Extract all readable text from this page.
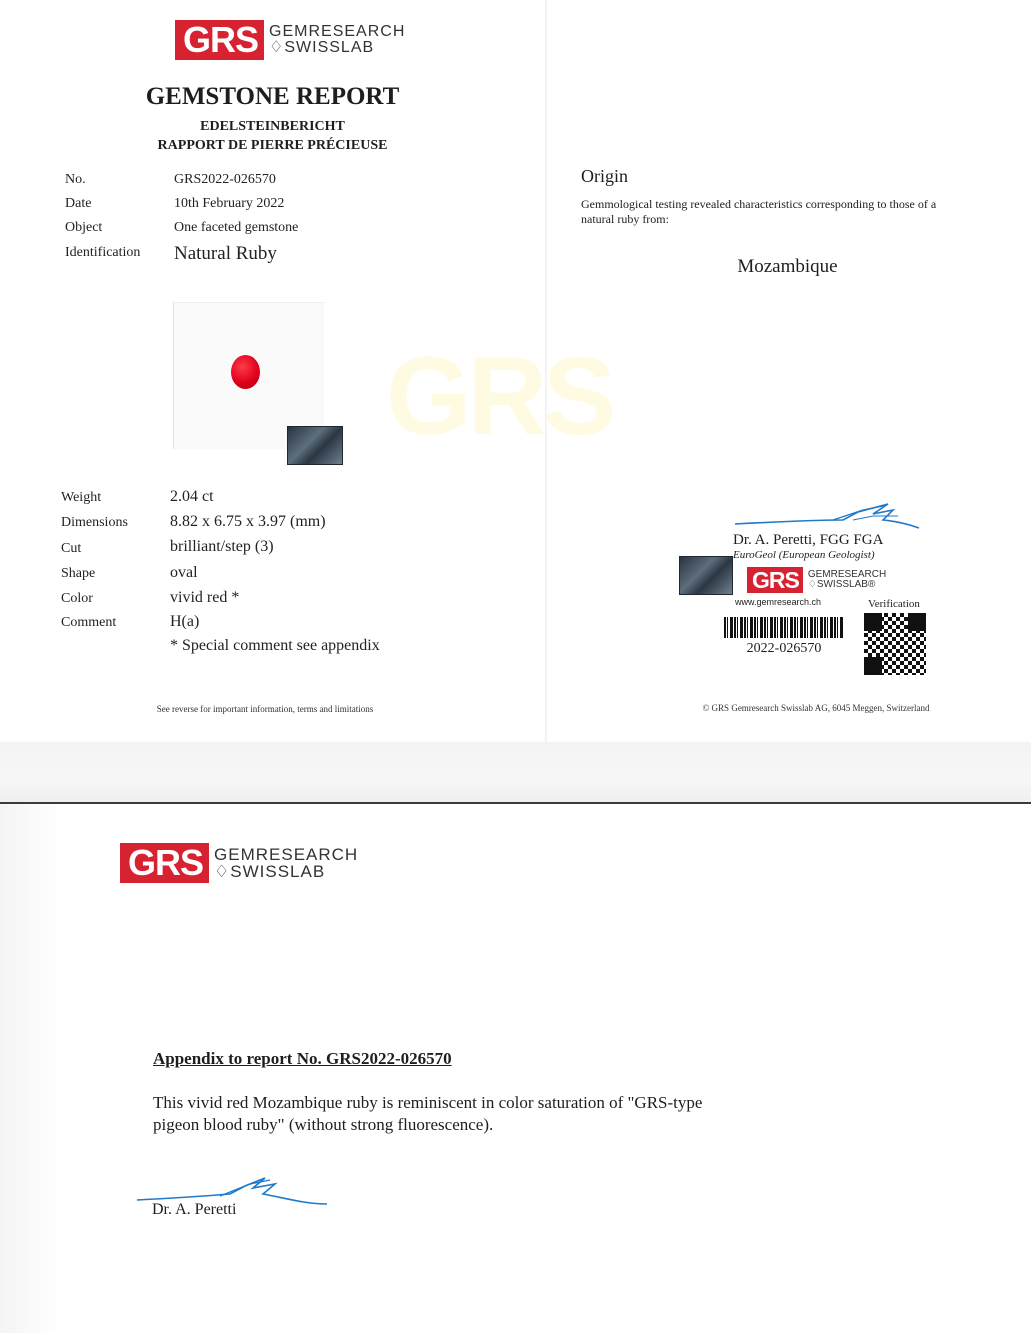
GRS
GRS GEMRESEARCH
♢SWISSLAB
GEMSTONE REPORT
EDELSTEINBERICHT
RAPPORT DE PIERRE PRÉCIEUSE
No.	GRS2022-026570
Date	10th February 2022
Object	One faceted gemstone
Identification Natural Ruby
Weight	2.04 ct
Dimensions	8.82 x 6.75 x 3.97 (mm)
Cut	brilliant/step (3)
Shape	oval
Color	vivid red *
Comment	H(a)
* Special comment see appendix
See reverse for important information, terms and limitations
Origin
Gemmological testing revealed characteristics corresponding to those of a natural ruby from:
Mozambique
Dr. A. Peretti, FGG FGA
EuroGeol (European Geologist)
GRS GEMRESEARCH
♢SWISSLAB®
www.gemresearch.ch	Verification
2022-026570
© GRS Gemresearch Swisslab AG, 6045 Meggen, Switzerland
GRS GEMRESEARCH
♢SWISSLAB
Appendix to report No. GRS2022-026570
This vivid red Mozambique ruby is reminiscent in color saturation of "GRS-type pigeon blood ruby" (without strong fluorescence).
Dr. A. Peretti
